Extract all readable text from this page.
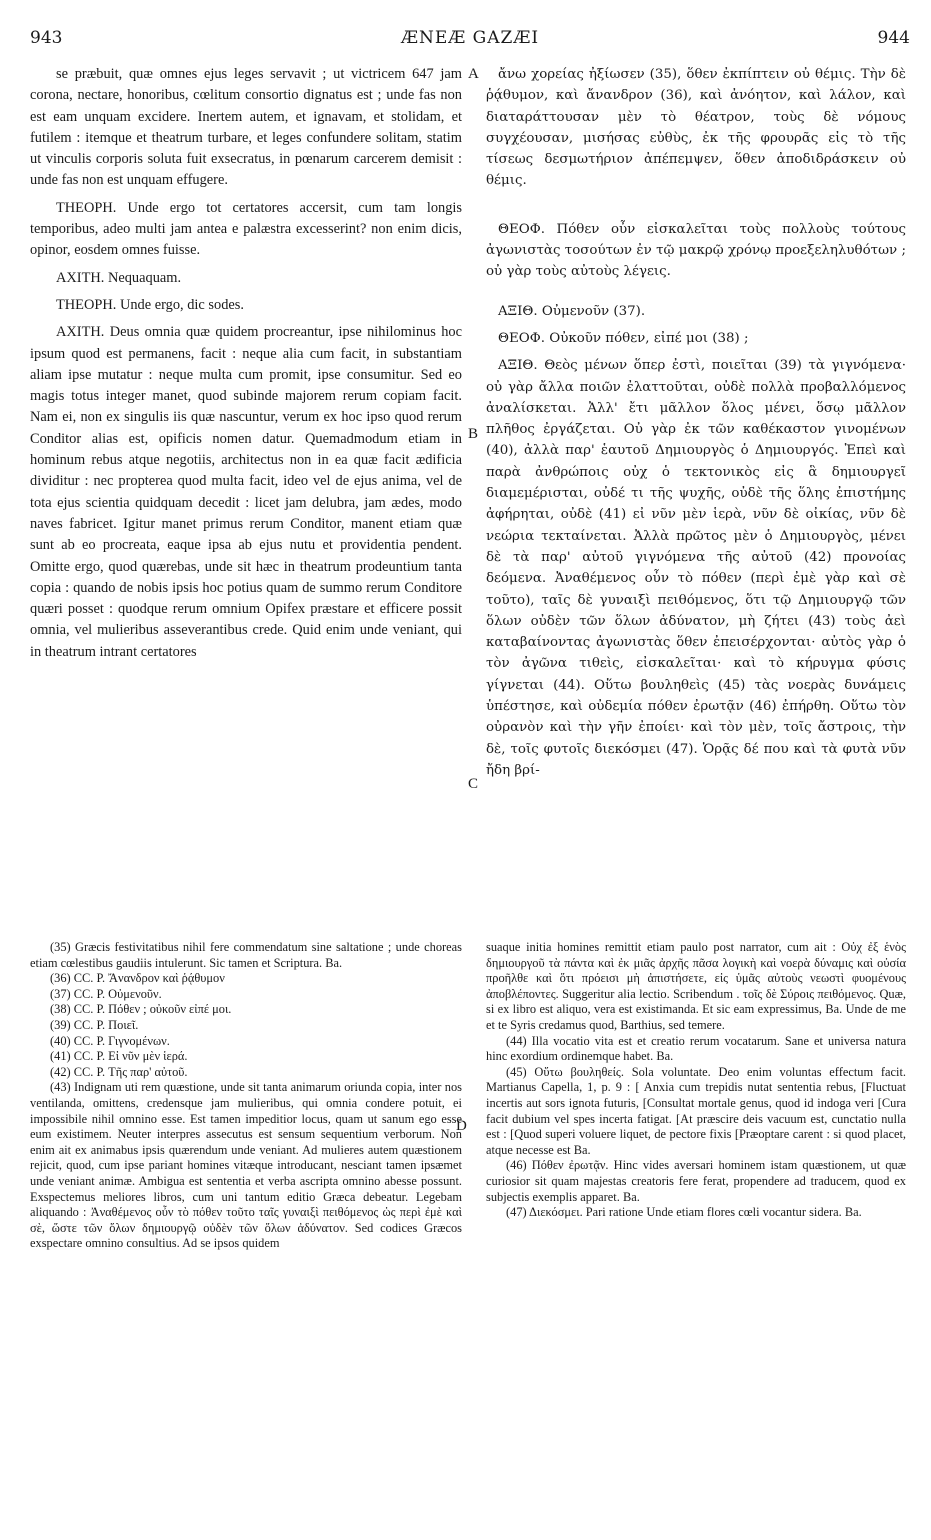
943	ÆNEÆ GAZÆI	944
A
B
C
D

se præbuit, quæ omnes ejus leges servavit ; ut victricem 647 jam corona, nectare, honoribus, cœlitum consortio dignatus est ; unde fas non est eam unquam excidere. Inertem autem, et ignavam, et stolidam, et futilem : itemque et theatrum turbare, et leges confundere solitam, statim ut vinculis corporis soluta fuit exsecratus, in pœnarum carcerem demisit : unde fas non est unquam effugere.

THEOPH. Unde ergo tot certatores accersit, cum tam longis temporibus, adeo multi jam antea e palæstra excesserint? non enim dicis, opinor, eosdem omnes fuisse.

AXITH. Nequaquam.

THEOPH. Unde ergo, dic sodes.

AXITH. Deus omnia quæ quidem procreantur, ipse nihilominus hoc ipsum quod est permanens, facit : neque alia cum facit, in substantiam aliam ipse mutatur : neque multa cum promit, ipse consumitur. Sed eo magis totus integer manet, quod subinde majorem rerum copiam facit. Nam ei, non ex singulis iis quæ nascuntur, verum ex hoc ipso quod rerum Conditor alias est, opificis nomen datur. Quemadmodum etiam in hominum rebus atque negotiis, architectus non in ea quæ facit ædificia dividitur : nec propterea quod multa facit, ideo vel de ejus anima, vel de tota ejus scientia quidquam decedit : licet jam delubra, jam ædes, modo naves fabricet. Igitur manet primus rerum Conditor, manent etiam quæ sunt ab eo procreata, eaque ipsa ab ejus nutu et providentia pendent. Omitte ergo, quod quærebas, unde sit hæc in theatrum prodeuntium tanta copia : quando de nobis ipsis hoc potius quam de summo rerum Conditore quæri posset : quodque rerum omnium Opifex præstare et efficere possit omnia, vel mulieribus asseverantibus crede. Quid enim unde veniant, qui in theatrum intrant certatores

ἄνω χορείας ἠξίωσεν (35), ὅθεν ἐκπίπτειν οὐ θέμις. Τὴν δὲ ῥᾴθυμον, καὶ ἄνανδρον (36), καὶ ἀνόητον, καὶ λάλον, καὶ διαταράττουσαν μὲν τὸ θέατρον, τοὺς δὲ νόμους συγχέουσαν, μισήσας εὐθὺς, ἐκ τῆς φρουρᾶς εἰς τὸ τῆς τίσεως δεσμωτήριον ἀπέπεμψεν, ὅθεν ἀποδιδράσκειν οὐ θέμις.

ΘΕΟΦ. Πόθεν οὖν εἰσκαλεῖται τοὺς πολλοὺς τούτους ἀγωνιστὰς τοσούτων ἐν τῷ μακρῷ χρόνῳ προεξεληλυθότων ; οὐ γὰρ τοὺς αὐτοὺς λέγεις.

ΑΞΙΘ. Οὐμενοῦν (37).

ΘΕΟΦ. Οὐκοῦν πόθεν, εἰπέ μοι (38) ;

ΑΞΙΘ. Θεὸς μένων ὅπερ ἐστὶ, ποιεῖται (39) τὰ γιγνόμενα· οὐ γὰρ ἄλλα ποιῶν ἐλαττοῦται, οὐδὲ πολλὰ προβαλλόμενος ἀναλίσκεται. Ἀλλ' ἔτι μᾶλλον ὅλος μένει, ὅσῳ μᾶλλον πλῆθος ἐργάζεται. Οὐ γὰρ ἐκ τῶν καθέκαστον γινομένων (40), ἀλλὰ παρ' ἑαυτοῦ Δημιουργὸς ὁ Δημιουργός. Ἐπεὶ καὶ παρὰ ἀνθρώποις οὐχ ὁ τεκτονικὸς εἰς ἃ δημιουργεῖ διαμεμέρισται, οὐδέ τι τῆς ψυχῆς, οὐδὲ τῆς ὅλης ἐπιστήμης ἀφήρηται, οὐδὲ (41) εἰ νῦν μὲν ἱερὰ, νῦν δὲ οἰκίας, νῦν δὲ νεώρια τεκταίνεται. Ἀλλὰ πρῶτος μὲν ὁ Δημιουργὸς, μένει δὲ τὰ παρ' αὐτοῦ γιγνόμενα τῆς αὐτοῦ (42) προνοίας δεόμενα. Ἀναθέμενος οὖν τὸ πόθεν (περὶ ἐμὲ γὰρ καὶ σὲ τοῦτο), ταῖς δὲ γυναιξὶ πειθόμενος, ὅτι τῷ Δημιουργῷ τῶν ὅλων οὐδὲν τῶν ὅλων ἀδύνατον, μὴ ζήτει (43) τοὺς ἀεὶ καταβαίνοντας ἀγωνιστὰς ὅθεν ἐπεισέρχονται· αὐτὸς γὰρ ὁ τὸν ἀγῶνα τιθεὶς, εἰσκαλεῖται· καὶ τὸ κήρυγμα φύσις γίγνεται (44). Οὕτω βουληθεὶς (45) τὰς νοερὰς δυνάμεις ὑπέστησε, καὶ οὐδεμία πόθεν ἐρωτᾷν (46) ἐπήρθη. Οὕτω τὸν οὐρανὸν καὶ τὴν γῆν ἐποίει· καὶ τὸν μὲν, τοῖς ἄστροις, τὴν δὲ, τοῖς φυτοῖς διεκόσμει (47). Ὁρᾷς δέ που καὶ τὰ φυτὰ νῦν ἤδη βρί-

(35) Græcis festivitatibus nihil fere commendatum sine saltatione ; unde choreas etiam cœlestibus gaudiis intulerunt. Sic tamen et Scriptura. Ba.

(36) CC. P. Ἄνανδρον καὶ ῥᾴθυμον

(37) CC. P. Οὐμενοῦν.

(38) CC. P. Πόθεν ; οὐκοῦν εἰπέ μοι.

(39) CC. P. Ποιεῖ.

(40) CC. P. Γιγνομένων.

(41) CC. P. Εἰ νῦν μὲν ἱερά.

(42) CC. P. Τῆς παρ' αὐτοῦ.

(43) Indignam uti rem quæstione, unde sit tanta animarum oriunda copia, inter nos ventilanda, omittens, credensque jam mulieribus, qui omnia condere potuit, ei impossibile nihil omnino esse. Est tamen impeditior locus, quam ut sanum ego esse eum existimem. Neuter interpres assecutus est sensum sequentium verborum. Non enim ait ex animabus ipsis quærendum unde veniant. Ad mulieres autem quæstionem rejicit, quod, cum ipse pariant homines vitæque introducant, nesciant tamen ipsæmet unde veniant animæ. Ambigua est sententia et verba ascripta omnino abesse possunt. Exspectemus meliores libros, cum uni tantum editio Græca debeatur. Legebam aliquando : Ἀναθέμενος οὖν τὸ πόθεν τοῦτο ταῖς γυναιξὶ πειθόμενος ὡς περὶ ἐμὲ καὶ σὲ, ὥστε τῶν ὅλων δημιουργῷ οὐδὲν τῶν ὅλων ἀδύνατον. Sed codices Græcos exspectare omnino consultius. Ad se ipsos quidem

suaque initia homines remittit etiam paulo post narrator, cum ait : Οὐχ ἐξ ἑνὸς δημιουργοῦ τὰ πάντα καὶ ἐκ μιᾶς ἀρχῆς πᾶσα λογικὴ καὶ νοερὰ δύναμις καὶ οὐσία προῆλθε καὶ ὅτι πρόεισι μὴ ἀπιστήσετε, εἰς ὑμᾶς αὐτοὺς νεωστὶ φυομένους ἀποβλέποντες. Suggeritur alia lectio. Scribendum . τοῖς δὲ Σύροις πειθόμενος. Quæ, si ex libro est aliquo, vera est existimanda. Et sic eam expressimus, Ba. Unde de me et te Syris credamus quod, Barthius, sed temere.

(44) Illa vocatio vita est et creatio rerum vocatarum. Sane et universa natura hinc exordium ordinemque habet. Ba.

(45) Οὕτω βουληθείς. Sola voluntate. Deo enim voluntas effectum facit. Martianus Capella, 1, p. 9 : [ Anxia cum trepidis nutat sententia rebus, [Fluctuat incertis aut sors ignota futuris, [Consultat mortale genus, quod id indoga veri [Cura facit dubium vel spes incerta fatigat. [At præscire deis vacuum est, cunctatio nulla est : [Quod superi voluere liquet, de pectore fixis [Præoptare carent : si quod placet, atque necesse est Ba.

(46) Πόθεν ἐρωτᾷν. Hinc vides aversari hominem istam quæstionem, ut quæ curiosior sit quam majestas creatoris fere ferat, propendere ad traducem, quod ex subjectis exemplis apparet. Ba.

(47) Διεκόσμει. Pari ratione Unde etiam flores cœli vocantur sidera. Ba.
